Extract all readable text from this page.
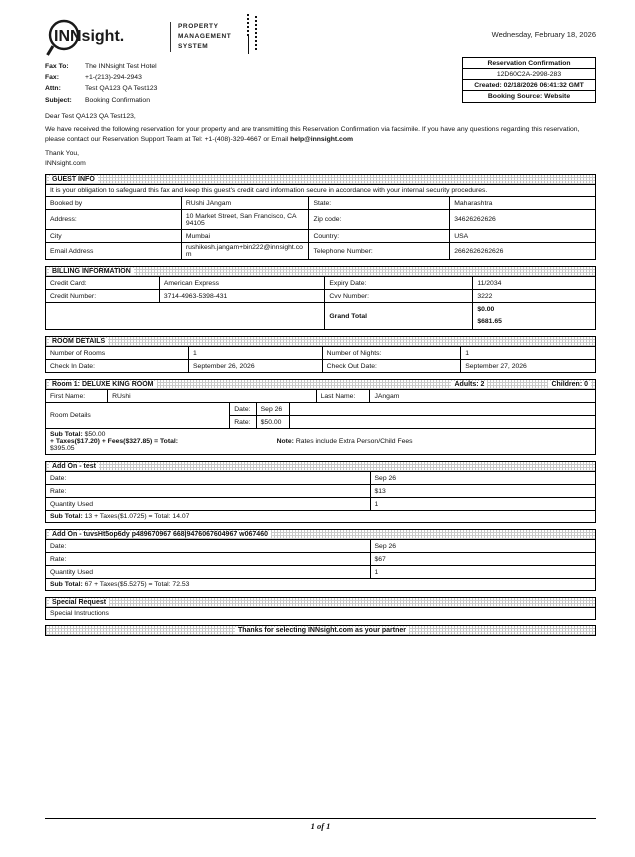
INNsight.
PROPERTY
MANAGEMENT
SYSTEM
Wednesday, February 18, 2026
Reservation Confirmation
12D60C2A-2998-283
Created: 02/18/2026 06:41:32 GMT
Booking Source: Website
Fax To:	The INNsight Test Hotel
Fax:	+1-(213)-294-2943
Attn:	Test QA123 QA Test123
Subject:	Booking Confirmation
Dear Test QA123 QA Test123,
We have received the following reservation for your property and are transmitting this Reservation Confirmation via facsimile. If you have any questions regarding this reservation, please contact our Reservation Support Team at Tel: +1-(408)-329-4667 or Email help@innsight.com
Thank You,
INNsight.com
GUEST INFO
It is your obligation to safeguard this fax and keep this guest's credit card information secure in accordance with your internal security procedures.
Booked by	RUshi JAngam	State:	Maharashtra
Address:	10 Market Street, San Francisco, CA 94105	Zip code:	34626262626
City	Mumbai	Country:	USA
Email Address	rushikesh.jangam+bin222@innsight.com	Telephone Number:	2662626262626
BILLING INFORMATION
Credit Card:	American Express	Expiry Date:	11/2034
Credit Number:	3714-4963-5398-431	Cvv Number:	3222
		Grand Total	$0.00
$681.65
ROOM DETAILS
Number of Rooms	1	Number of Nights:	1
Check In Date:	September 26, 2026	Check Out Date:	September 27, 2026
Room 1: DELUXE KING ROOM	Adults: 2	Children: 0
First Name:	RUshi	Last Name:	JAngam
Room Details	Date:	Sep 26	
	Rate:	$50.00	
Sub Total: $50.00
+ Taxes($17.20) + Fees($327.85) = Total:
$395.05
Note: Rates include Extra Person/Child Fees
Add On - test
Date:	Sep 26
Rate:	$13
Quantity Used	1
Sub Total: 13 + Taxes($1.0725) = Total: 14.07
Add On - tuvsHt5op6dy p489670967 668|9476067604967 w067460
Date:	Sep 26
Rate:	$67
Quantity Used	1
Sub Total: 67 + Taxes($5.5275) = Total: 72.53
Special Request
Special Instructions
Thanks for selecting INNsight.com as your partner
1 of 1
